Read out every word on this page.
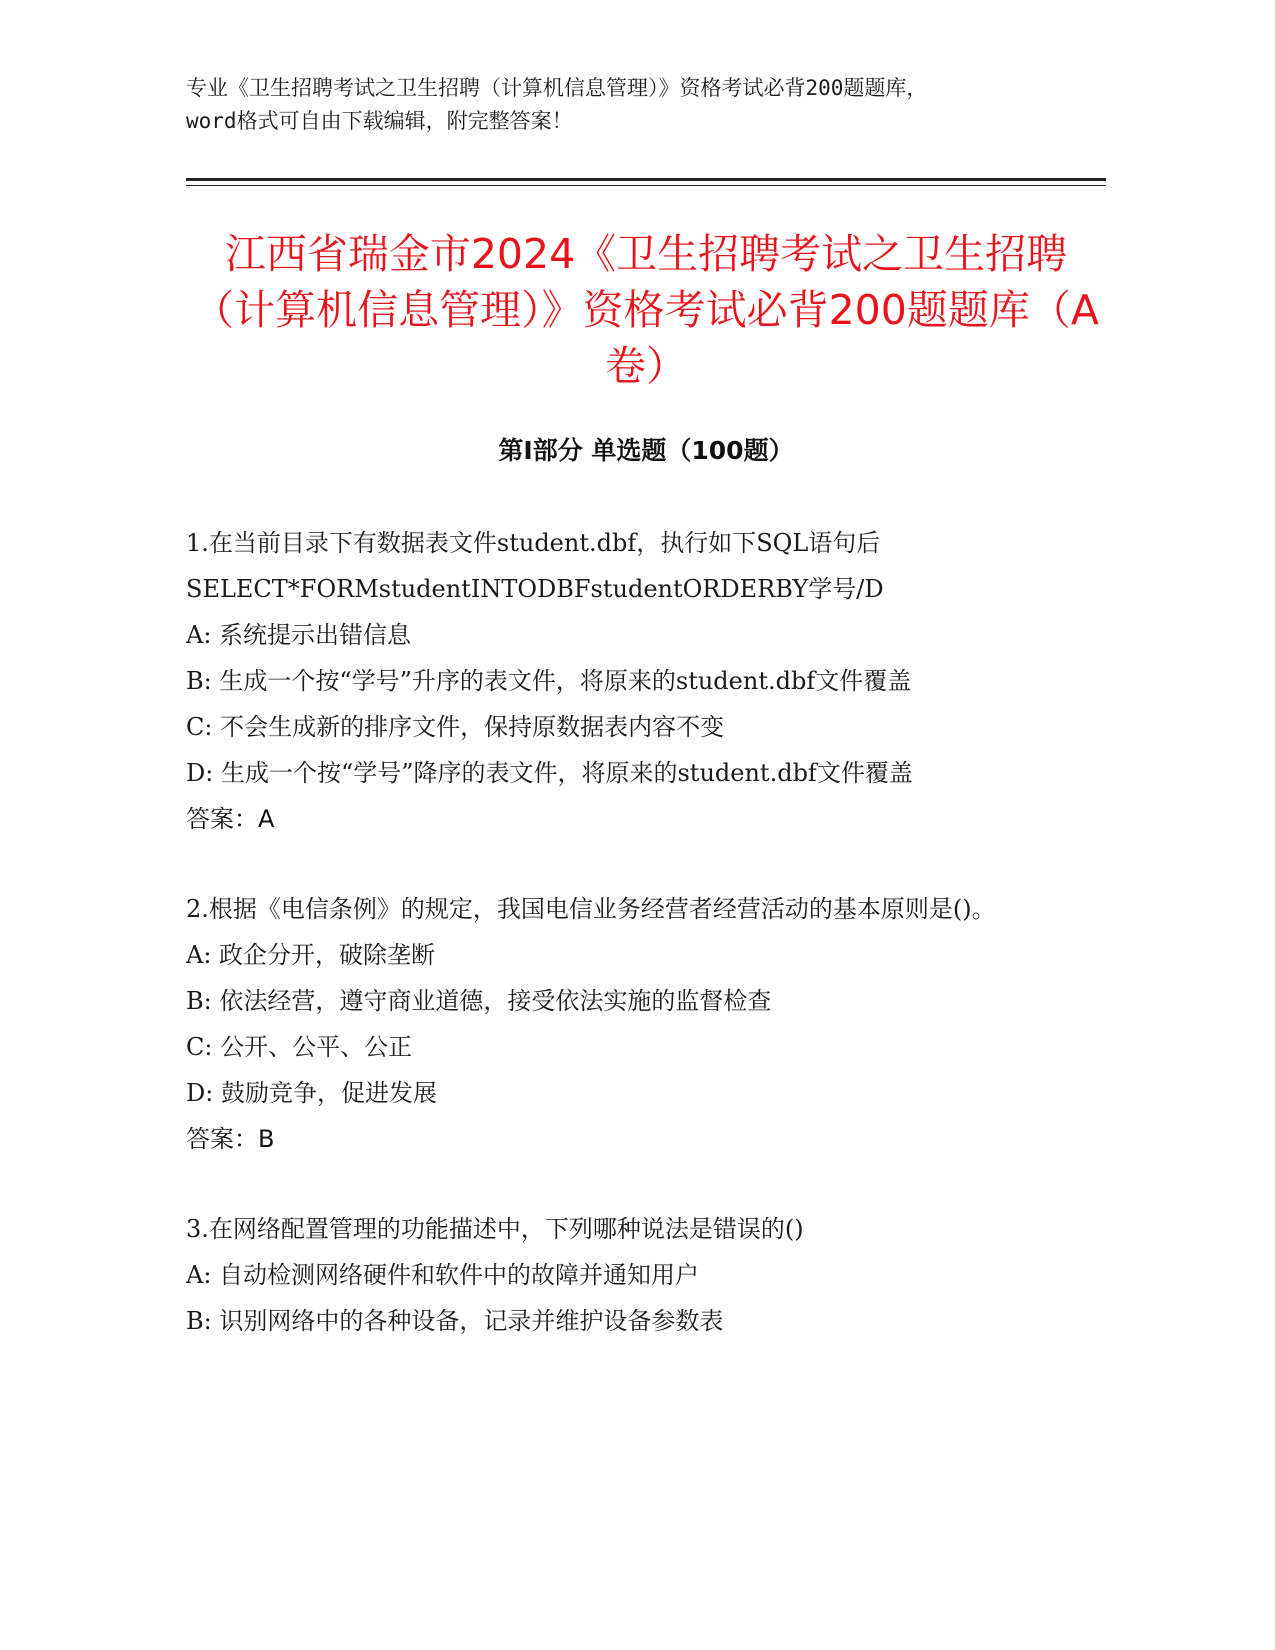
专业《卫生招聘考试之卫生招聘（计算机信息管理）》资格考试必背200题题库，
word格式可自由下载编辑，附完整答案！
江西省瑞金市2024《卫生招聘考试之卫生招聘（计算机信息管理）》资格考试必背200题题库（A卷）
第I部分 单选题（100题）
1.在当前目录下有数据表文件student.dbf，执行如下SQL语句后
SELECT*FORMstudentINTODBFstudentORDERBY学号/D
A: 系统提示出错信息
B: 生成一个按“学号”升序的表文件，将原来的student.dbf文件覆盖
C: 不会生成新的排序文件，保持原数据表内容不变
D: 生成一个按“学号”降序的表文件，将原来的student.dbf文件覆盖
答案：A
2.根据《电信条例》的规定，我国电信业务经营者经营活动的基本原则是()。
A: 政企分开，破除垄断
B: 依法经营，遵守商业道德，接受依法实施的监督检查
C: 公开、公平、公正
D: 鼓励竞争，促进发展
答案：B
3.在网络配置管理的功能描述中，下列哪种说法是错误的()
A: 自动检测网络硬件和软件中的故障并通知用户
B: 识别网络中的各种设备，记录并维护设备参数表
